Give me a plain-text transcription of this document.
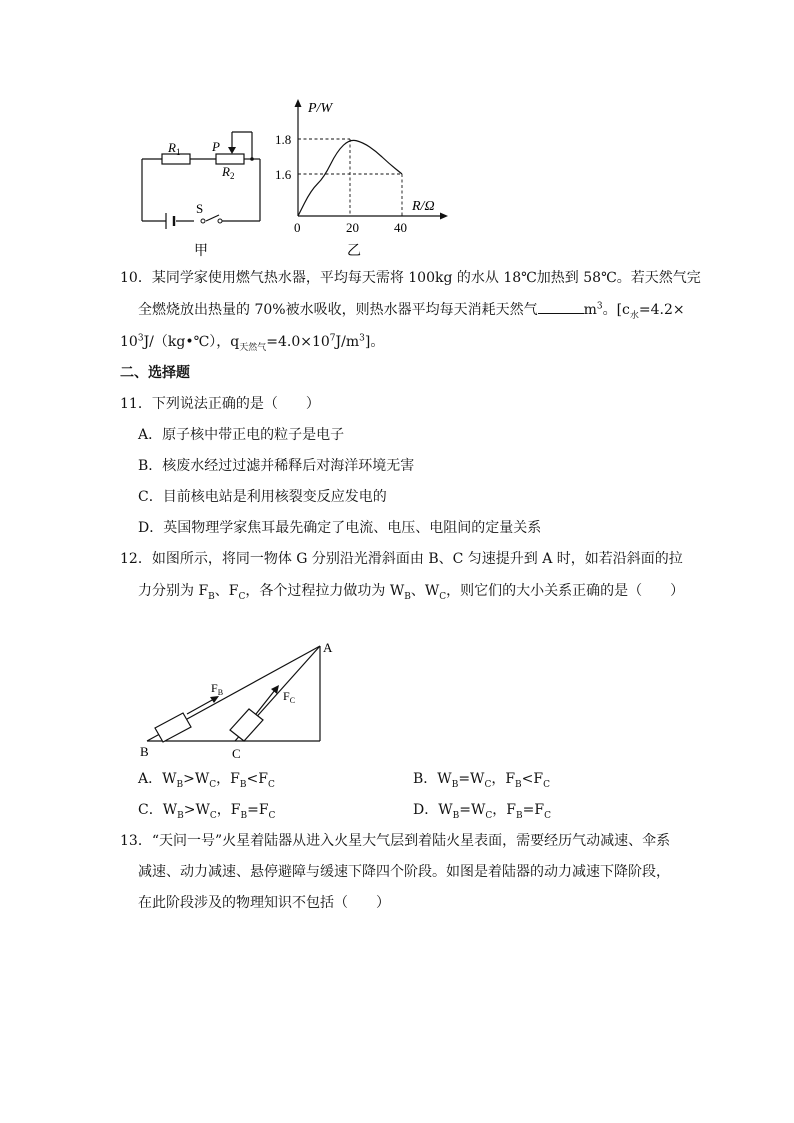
$R_1$ P
$R_2$
S
甲
P/W
R/Ω
1.8
1.6
0	20	40
乙
10．某同学家使用燃气热水器，平均每天需将 100kg 的水从 18℃加热到 58℃。若天然气完
全燃烧放出热量的 70%被水吸收，则热水器平均每天消耗天然气	$m^3$。[$c_水=4.2\times$
$10^3J/(kg•℃)$，$q_{天然气}=4.0\times 10^7J/m^3$]。
二、选择题
11．下列说法正确的是（　　）
A．原子核中带正电的粒子是电子
B．核废水经过过滤并稀释后对海洋环境无害
C．目前核电站是利用核裂变反应发电的
D．英国物理学家焦耳最先确定了电流、电压、电阻间的定量关系
12．如图所示，将同一物体 G 分别沿光滑斜面由 B、C 匀速提升到 A 时，如若沿斜面的拉
力分别为 $F_B$、$F_C$，各个过程拉力做功为 $W_B$、$W_C$，则它们的大小关系正确的是（　　）
A
B	C
$F_B$	$F_C$
A．$W_B>W_C$，$F_B<F_C$	B．$W_B=W_C$，$F_B<F_C$
C．$W_B>W_C$，$F_B=F_C$	D．$W_B=W_C$，$F_B=F_C$
13．“天问一号”火星着陆器从进入火星大气层到着陆火星表面，需要经历气动减速、伞系
减速、动力减速、悬停避障与缓速下降四个阶段。如图是着陆器的动力减速下降阶段，
在此阶段涉及的物理知识不包括（　　）
